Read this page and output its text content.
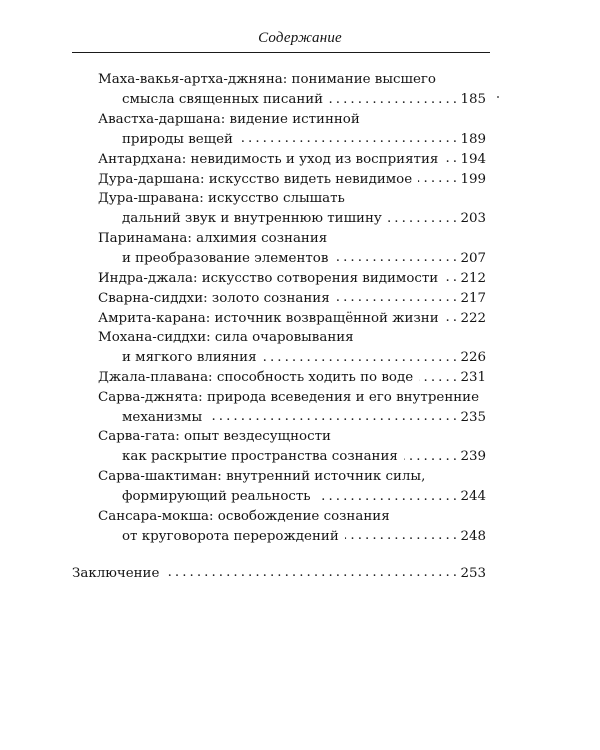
Содержание
Маха-вакья-артха-джняна: понимание высшего
смысла священных писаний . . .	185
Авастха-даршана: видение истинной
природы вещей . . .	189
Антардхана: невидимость и уход из восприятия . . . 194
Дура-даршана: искусство видеть невидимое . . .	199
Дура-шравана: искусство слышать
дальний звук и внутреннюю тишину . . .	203
Паринамана: алхимия сознания
и преобразование элементов . . .	207
Индра-джала: искусство сотворения видимости . . . 212
Сварна-сиддхи: золото сознания . . .	217
Амрита-карана: источник возвращённой жизни . . . 222
Мохана-сиддхи: сила очаровывания
и мягкого влияния . . .	226
Джала-плавана: способность ходить по воде . . .	231
Сарва-джнята: природа всеведения и его внутренние
механизмы . . .	235
Сарва-гата: опыт вездесущности
как раскрытие пространства сознания . . .	239
Сарва-шактиман: внутренний источник силы,
формирующий реальность . . .	244
Сансара-мокша: освобождение сознания
от круговорота перерождений . . .	248
Заключение . . .	253
